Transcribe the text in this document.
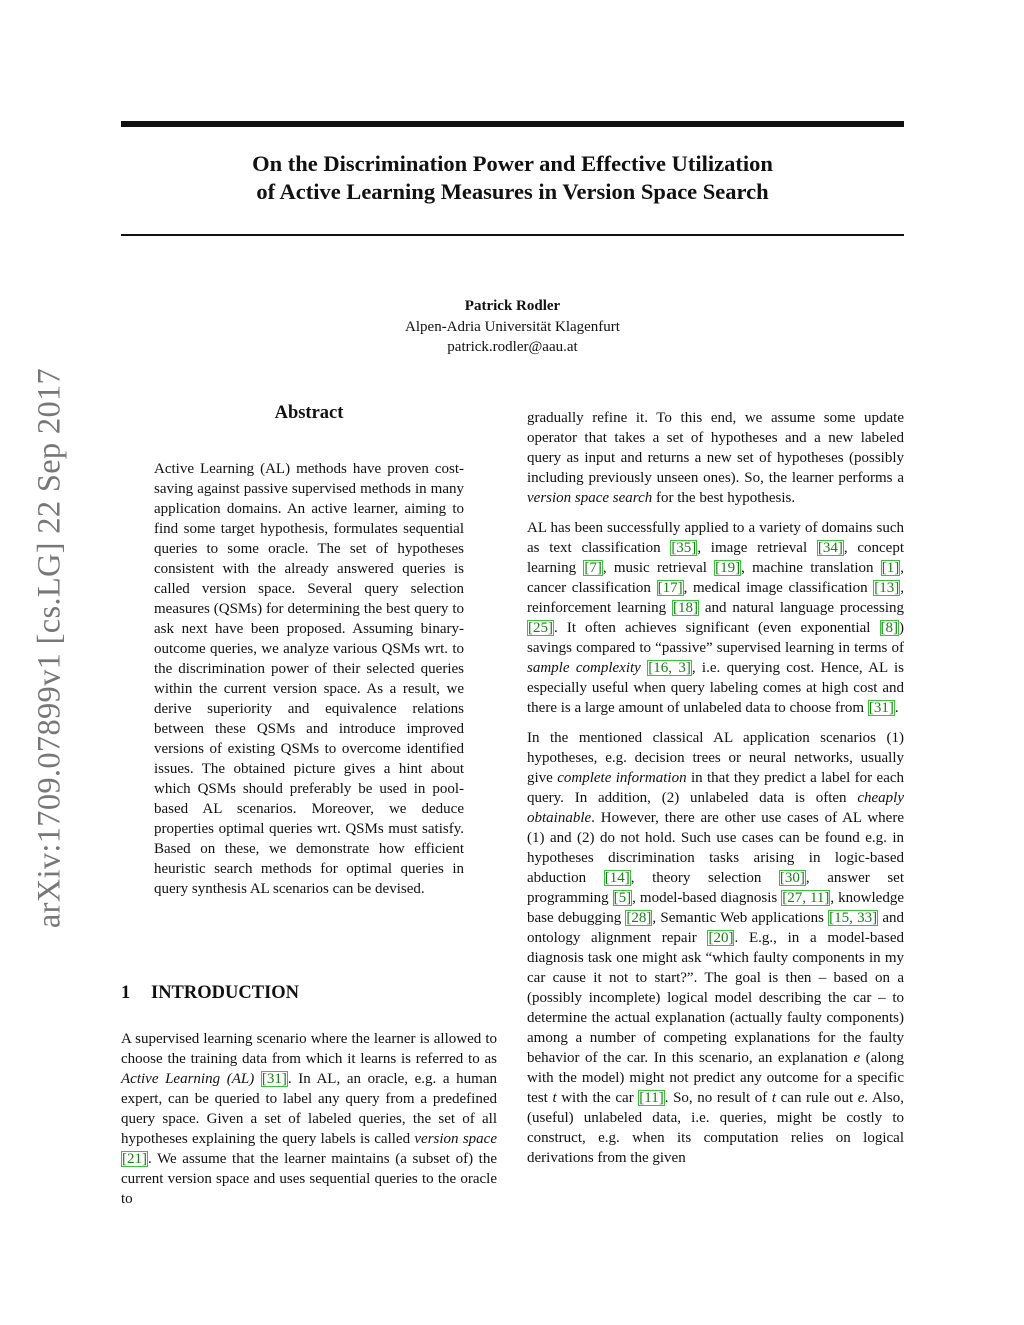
On the Discrimination Power and Effective Utilization
of Active Learning Measures in Version Space Search
Patrick Rodler
Alpen-Adria Universität Klagenfurt
patrick.rodler@aau.at
arXiv:1709.07899v1 [cs.LG] 22 Sep 2017	Abstract

Active Learning (AL) methods have proven cost-saving against passive supervised methods in many application domains. An active learner, aiming to find some target hypothesis, formulates sequential queries to some oracle. The set of hypotheses consistent with the already answered queries is called version space. Several query selection measures (QSMs) for determining the best query to ask next have been proposed. Assuming binary-outcome queries, we analyze various QSMs wrt. to the discrimination power of their selected queries within the current version space. As a result, we derive superiority and equivalence relations between these QSMs and introduce improved versions of existing QSMs to overcome identified issues. The obtained picture gives a hint about which QSMs should preferably be used in pool-based AL scenarios. Moreover, we deduce properties optimal queries wrt. QSMs must satisfy. Based on these, we demonstrate how efficient heuristic search methods for optimal queries in query synthesis AL scenarios can be devised.

1 INTRODUCTION

A supervised learning scenario where the learner is allowed to choose the training data from which it learns is referred to as Active Learning (AL) [31]. In AL, an oracle, e.g. a human expert, can be queried to label any query from a predefined query space. Given a set of labeled queries, the set of all hypotheses explaining the query labels is called version space [21]. We assume that the learner maintains (a subset of) the current version space and uses sequential queries to the oracle to

gradually refine it. To this end, we assume some update operator that takes a set of hypotheses and a new labeled query as input and returns a new set of hypotheses (possibly including previously unseen ones). So, the learner performs a version space search for the best hypothesis.

AL has been successfully applied to a variety of domains such as text classification [35], image retrieval [34], concept learning [7], music retrieval [19], machine translation [1], cancer classification [17], medical image classification [13], reinforcement learning [18] and natural language processing [25]. It often achieves significant (even exponential [8]) savings compared to “passive” supervised learning in terms of sample complexity [16, 3], i.e. querying cost. Hence, AL is especially useful when query labeling comes at high cost and there is a large amount of unlabeled data to choose from [31].

In the mentioned classical AL application scenarios (1) hypotheses, e.g. decision trees or neural networks, usually give complete information in that they predict a label for each query. In addition, (2) unlabeled data is often cheaply obtainable. However, there are other use cases of AL where (1) and (2) do not hold. Such use cases can be found e.g. in hypotheses discrimination tasks arising in logic-based abduction [14], theory selection [30], answer set programming [5], model-based diagnosis [27, 11], knowledge base debugging [28], Semantic Web applications [15, 33] and ontology alignment repair [20]. E.g., in a model-based diagnosis task one might ask “which faulty components in my car cause it not to start?”. The goal is then – based on a (possibly incomplete) logical model describing the car – to determine the actual explanation (actually faulty components) among a number of competing explanations for the faulty behavior of the car. In this scenario, an explanation e (along with the model) might not predict any outcome for a specific test t with the car [11]. So, no result of t can rule out e. Also, (useful) unlabeled data, i.e. queries, might be costly to construct, e.g. when its computation relies on logical derivations from the given
